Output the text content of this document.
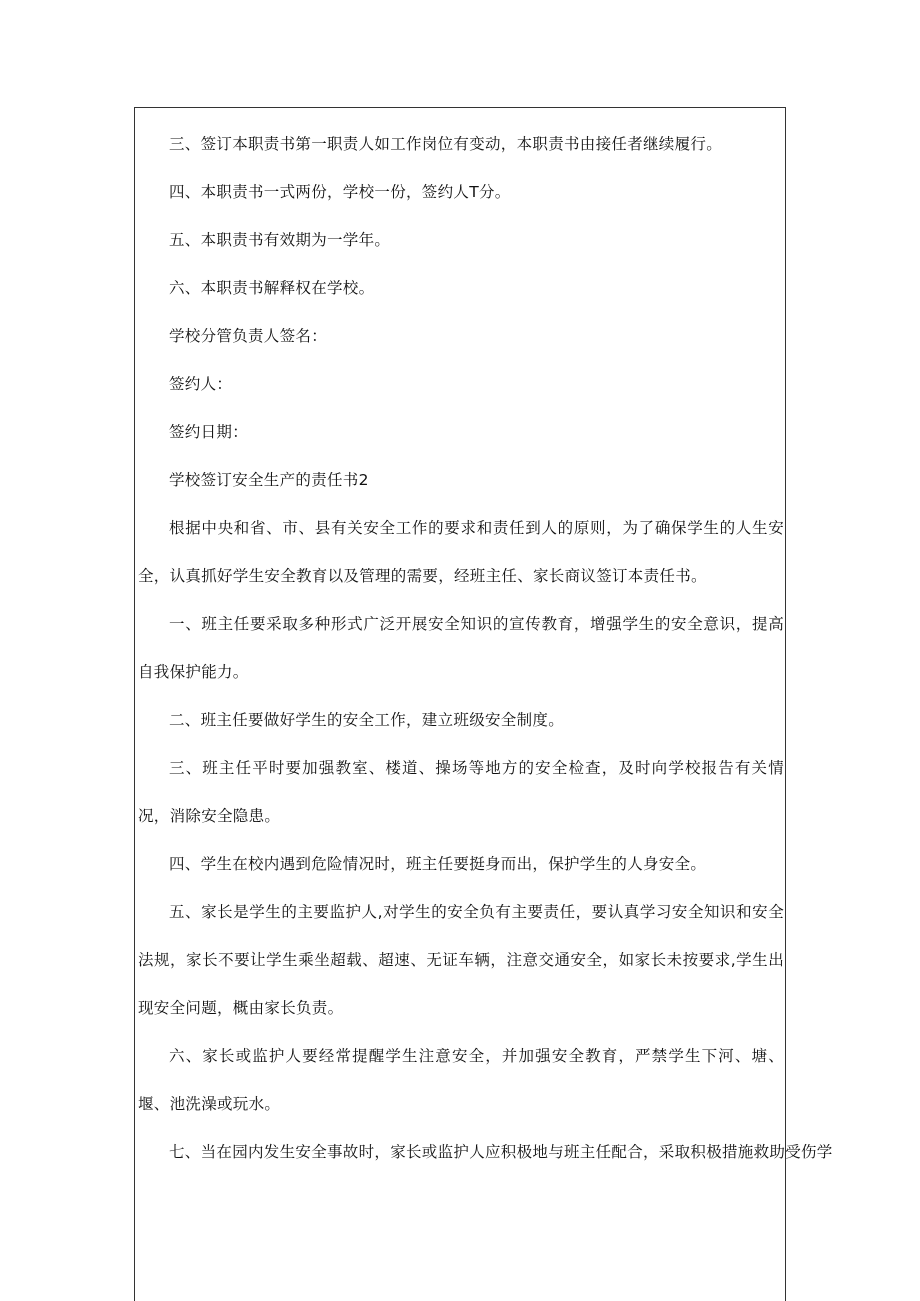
三、签订本职责书第一职责人如工作岗位有变动，本职责书由接任者继续履行。

四、本职责书一式两份，学校一份，签约人T分。

五、本职责书有效期为一学年。

六、本职责书解释权在学校。

学校分管负责人签名：

签约人：

签约日期：

学校签订安全生产的责任书2

根据中央和省、市、县有关安全工作的要求和责任到人的原则，为了确保学生的人生安全，认真抓好学生安全教育以及管理的需要，经班主任、家长商议签订本责任书。

一、班主任要采取多种形式广泛开展安全知识的宣传教育，增强学生的安全意识，提高自我保护能力。

二、班主任要做好学生的安全工作，建立班级安全制度。

三、班主任平时要加强教室、楼道、操场等地方的安全检查，及时向学校报告有关情况，消除安全隐患。

四、学生在校内遇到危险情况时，班主任要挺身而出，保护学生的人身安全。

五、家长是学生的主要监护人,对学生的安全负有主要责任，要认真学习安全知识和安全法规，家长不要让学生乘坐超载、超速、无证车辆，注意交通安全，如家长未按要求,学生出现安全问题，概由家长负责。

六、家长或监护人要经常提醒学生注意安全，并加强安全教育，严禁学生下河、塘、堰、池洗澡或玩水。

七、当在园内发生安全事故时，家长或监护人应积极地与班主任配合，采取积极措施救助受伤学
